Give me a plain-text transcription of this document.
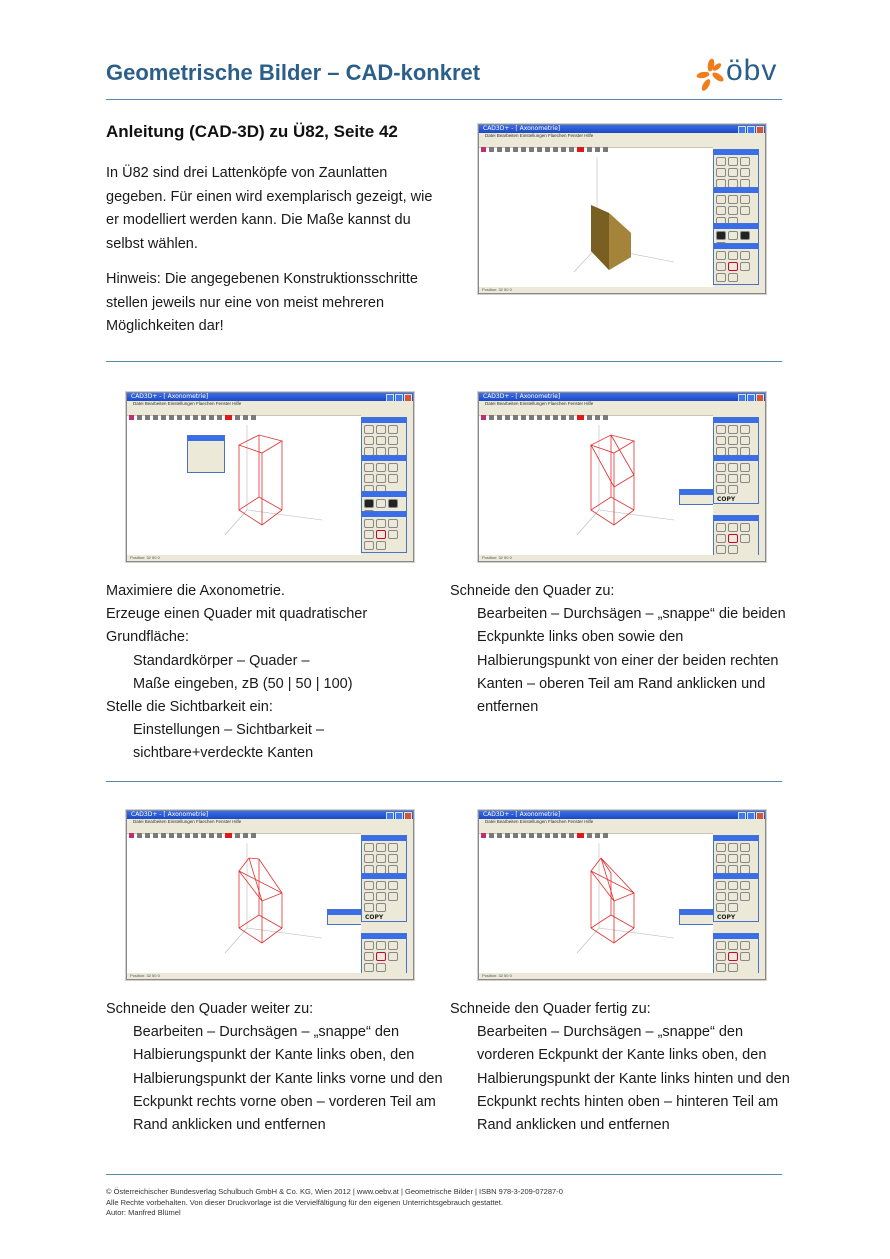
Geometrische Bilder – CAD-konkret	öbv
Anleitung (CAD-3D) zu Ü82, Seite 42

In Ü82 sind drei Lattenköpfe von Zaunlatten gegeben. Für einen wird exemplarisch gezeigt, wie er modelliert werden kann. Die Maße kannst du selbst wählen.

Hinweis: Die angegebenen Konstruktionsschritte stellen jeweils nur eine von meist mehreren Möglichkeiten dar!

CAD3D+ - [ Axonometrie]
Datei Bearbeiten Einstellungen Flaechen Fenster Hilfe
Position: 32 50 0
CAD3D+ - [ Axonometrie]
Datei Bearbeiten Einstellungen Flaechen Fenster Hilfe
Position: 32 50 0
CAD3D+ - [ Axonometrie]
Datei Bearbeiten Einstellungen Flaechen Fenster Hilfe
COPY
Position: 32 50 0
Maximiere die Axonometrie.
Erzeuge einen Quader mit quadratischer Grundfläche:
Standardkörper – Quader –
Maße eingeben, zB (50 | 50 | 100)
Stelle die Sichtbarkeit ein:
Einstellungen – Sichtbarkeit –
sichtbare+verdeckte Kanten
Schneide den Quader zu:
Bearbeiten – Durchsägen – „snappe“ die beiden Eckpunkte links oben sowie den Halbierungspunkt von einer der beiden rechten Kanten – oberen Teil am Rand anklicken und entfernen
CAD3D+ - [ Axonometrie]
Datei Bearbeiten Einstellungen Flaechen Fenster Hilfe
COPY
Position: 32 50 0
CAD3D+ - [ Axonometrie]
Datei Bearbeiten Einstellungen Flaechen Fenster Hilfe
COPY
Position: 32 50 0
Schneide den Quader weiter zu:
Bearbeiten – Durchsägen – „snappe“ den Halbierungspunkt der Kante links oben, den Halbierungspunkt der Kante links vorne und den Eckpunkt rechts vorne oben – vorderen Teil am Rand anklicken und entfernen
Schneide den Quader fertig zu:
Bearbeiten – Durchsägen – „snappe“ den vorderen Eckpunkt der Kante links oben, den Halbierungspunkt der Kante links hinten und den Eckpunkt rechts hinten oben – hinteren Teil am Rand anklicken und entfernen
© Österreichischer Bundesverlag Schulbuch GmbH & Co. KG, Wien 2012 | www.oebv.at | Geometrische Bilder | ISBN 978-3-209-07287-0
Alle Rechte vorbehalten. Von dieser Druckvorlage ist die Vervielfältigung für den eigenen Unterrichtsgebrauch gestattet.
Autor: Manfred Blümel
